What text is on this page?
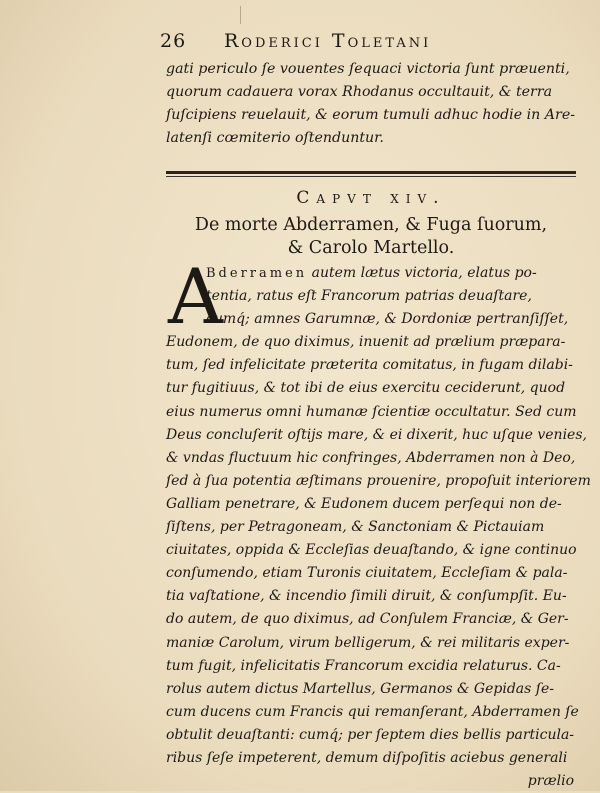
26 Roderici Toletani
gati periculo ſe vouentes ſequaci victoria ſunt præuenti,
quorum cadauera vorax Rhodanus occultauit, & terra
ſuſcipiens reuelauit, & eorum tumuli adhuc hodie in Are-
latenſi cœmiterio oſtenduntur.
Capvt xiv.
De morte Abderramen, & Fuga ſuorum,
& Carolo Martello.
A
Bderramen autem lætus victoria, elatus po-
tentia, ratus eſt Francorum patrias deuaſtare,
cumq́; amnes Garumnæ, & Dordoniæ pertranſiſſet,
Eudonem, de quo diximus, inuenit ad prælium præpara-
tum, ſed infelicitate præterita comitatus, in fugam dilabi-
tur fugitiuus, & tot ibi de eius exercitu ceciderunt, quod
eius numerus omni humanæ ſcientiæ occultatur. Sed cum
Deus concluſerit oſtijs mare, & ei dixerit, huc uſque venies,
& vndas fluctuum hic confringes, Abderramen non à Deo,
ſed à ſua potentia æſtimans prouenire, propoſuit interiorem
Galliam penetrare, & Eudonem ducem perſequi non de-
ſiſtens, per Petragoneam, & Sanctoniam & Pictauiam
ciuitates, oppida & Eccleſias deuaſtando, & igne continuo
conſumendo, etiam Turonis ciuitatem, Eccleſiam & pala-
tia vaſtatione, & incendio ſimili diruit, & conſumpſit. Eu-
do autem, de quo diximus, ad Conſulem Franciæ, & Ger-
maniæ Carolum, virum belligerum, & rei militaris exper-
tum fugit, infelicitatis Francorum excidia relaturus. Ca-
rolus autem dictus Martellus, Germanos & Gepidas ſe-
cum ducens cum Francis qui remanſerant, Abderramen ſe
obtulit deuaſtanti: cumq́; per ſeptem dies bellis particula-
ribus ſeſe impeterent, demum diſpoſitis aciebus generali
prælio
